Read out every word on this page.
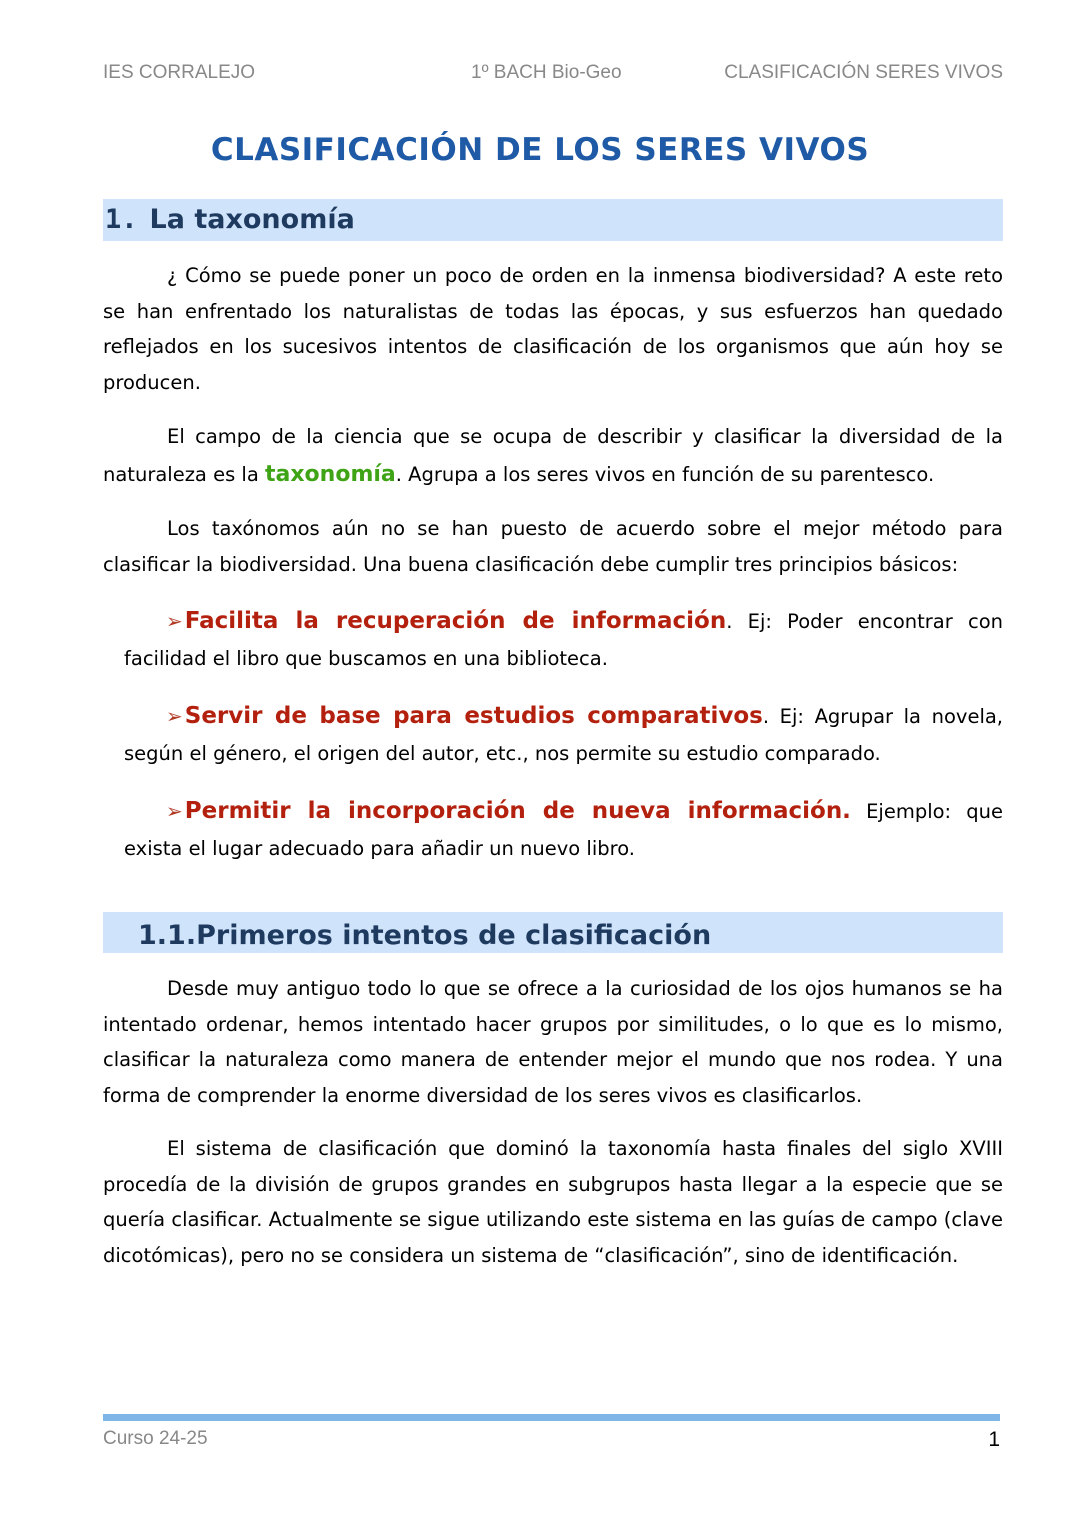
IES CORRALEJO	1º BACH Bio-Geo	CLASIFICACIÓN SERES VIVOS
CLASIFICACIÓN DE LOS SERES VIVOS
1. La taxonomía

¿ Cómo se puede poner un poco de orden en la inmensa biodiversidad? A este reto se han enfrentado los naturalistas de todas las épocas, y sus esfuerzos han quedado reflejados en los sucesivos intentos de clasificación de los organismos que aún hoy se producen.

El campo de la ciencia que se ocupa de describir y clasificar la diversidad de la naturaleza es la taxonomía. Agrupa a los seres vivos en función de su parentesco.

Los taxónomos aún no se han puesto de acuerdo sobre el mejor método para clasificar la biodiversidad. Una buena clasificación debe cumplir tres principios básicos:

➢Facilita la recuperación de información. Ej: Poder encontrar con facilidad el libro que buscamos en una biblioteca.

➢Servir de base para estudios comparativos. Ej: Agrupar la novela, según el género, el origen del autor, etc., nos permite su estudio comparado.

➢Permitir la incorporación de nueva información. Ejemplo: que exista el lugar adecuado para añadir un nuevo libro.

1.1.Primeros intentos de clasificación

Desde muy antiguo todo lo que se ofrece a la curiosidad de los ojos humanos se ha intentado ordenar, hemos intentado hacer grupos por similitudes, o lo que es lo mismo, clasificar la naturaleza como manera de entender mejor el mundo que nos rodea. Y una forma de comprender la enorme diversidad de los seres vivos es clasificarlos.

El sistema de clasificación que dominó la taxonomía hasta finales del siglo XVIII procedía de la división de grupos grandes en subgrupos hasta llegar a la especie que se quería clasificar. Actualmente se sigue utilizando este sistema en las guías de campo (clave dicotómicas), pero no se considera un sistema de “clasificación”, sino de identificación.

Curso 24-25	1
